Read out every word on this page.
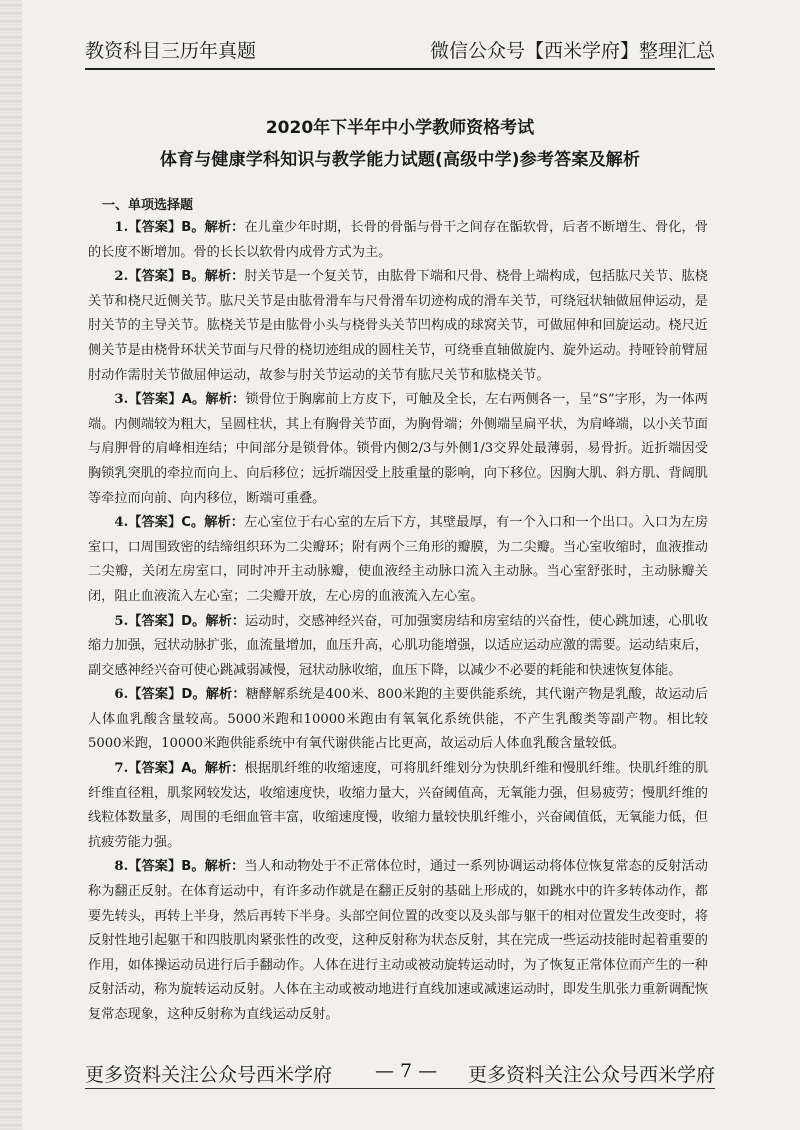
教资科目三历年真题	微信公众号【西米学府】整理汇总
2020年下半年中小学教师资格考试
体育与健康学科知识与教学能力试题(高级中学)参考答案及解析
一、单项选择题

1.【答案】B。解析：在儿童少年时期，长骨的骨骺与骨干之间存在骺软骨，后者不断增生、骨化，骨的长度不断增加。骨的长长以软骨内成骨方式为主。

2.【答案】B。解析：肘关节是一个复关节，由肱骨下端和尺骨、桡骨上端构成，包括肱尺关节、肱桡关节和桡尺近侧关节。肱尺关节是由肱骨滑车与尺骨滑车切迹构成的滑车关节，可绕冠状轴做屈伸运动，是肘关节的主导关节。肱桡关节是由肱骨小头与桡骨头关节凹构成的球窝关节，可做屈伸和回旋运动。桡尺近侧关节是由桡骨环状关节面与尺骨的桡切迹组成的圆柱关节，可绕垂直轴做旋内、旋外运动。持哑铃前臂屈肘动作需肘关节做屈伸运动，故参与肘关节运动的关节有肱尺关节和肱桡关节。

3.【答案】A。解析：锁骨位于胸廓前上方皮下，可触及全长，左右两侧各一，呈“S”字形，为一体两端。内侧端较为粗大，呈圆柱状，其上有胸骨关节面，为胸骨端；外侧端呈扁平状，为肩峰端，以小关节面与肩胛骨的肩峰相连结；中间部分是锁骨体。锁骨内侧2/3与外侧1/3交界处最薄弱，易骨折。近折端因受胸锁乳突肌的牵拉而向上、向后移位；远折端因受上肢重量的影响，向下移位。因胸大肌、斜方肌、背阔肌等牵拉而向前、向内移位，断端可重叠。

4.【答案】C。解析：左心室位于右心室的左后下方，其壁最厚，有一个入口和一个出口。入口为左房室口，口周围致密的结缔组织环为二尖瓣环；附有两个三角形的瓣膜，为二尖瓣。当心室收缩时，血液推动二尖瓣，关闭左房室口，同时冲开主动脉瓣，使血液经主动脉口流入主动脉。当心室舒张时，主动脉瓣关闭，阻止血液流入左心室；二尖瓣开放，左心房的血液流入左心室。

5.【答案】D。解析：运动时，交感神经兴奋，可加强窦房结和房室结的兴奋性，使心跳加速，心肌收缩力加强，冠状动脉扩张，血流量增加，血压升高，心肌功能增强，以适应运动应激的需要。运动结束后，副交感神经兴奋可使心跳减弱减慢，冠状动脉收缩，血压下降，以减少不必要的耗能和快速恢复体能。

6.【答案】D。解析：糖酵解系统是400米、800米跑的主要供能系统，其代谢产物是乳酸，故运动后人体血乳酸含量较高。5000米跑和10000米跑由有氧氧化系统供能，不产生乳酸类等副产物。相比较5000米跑，10000米跑供能系统中有氧代谢供能占比更高，故运动后人体血乳酸含量较低。

7.【答案】A。解析：根据肌纤维的收缩速度，可将肌纤维划分为快肌纤维和慢肌纤维。快肌纤维的肌纤维直径粗，肌浆网较发达，收缩速度快，收缩力量大，兴奋阈值高，无氧能力强，但易疲劳；慢肌纤维的线粒体数量多，周围的毛细血管丰富，收缩速度慢，收缩力量较快肌纤维小，兴奋阈值低，无氧能力低，但抗疲劳能力强。

8.【答案】B。解析：当人和动物处于不正常体位时，通过一系列协调运动将体位恢复常态的反射活动称为翻正反射。在体育运动中，有许多动作就是在翻正反射的基础上形成的，如跳水中的许多转体动作，都要先转头，再转上半身，然后再转下半身。头部空间位置的改变以及头部与躯干的相对位置发生改变时，将反射性地引起躯干和四肢肌肉紧张性的改变，这种反射称为状态反射，其在完成一些运动技能时起着重要的作用，如体操运动员进行后手翻动作。人体在进行主动或被动旋转运动时，为了恢复正常体位而产生的一种反射活动，称为旋转运动反射。人体在主动或被动地进行直线加速或减速运动时，即发生肌张力重新调配恢复常态现象，这种反射称为直线运动反射。

更多资料关注公众号西米学府 — 7 — 更多资料关注公众号西米学府
